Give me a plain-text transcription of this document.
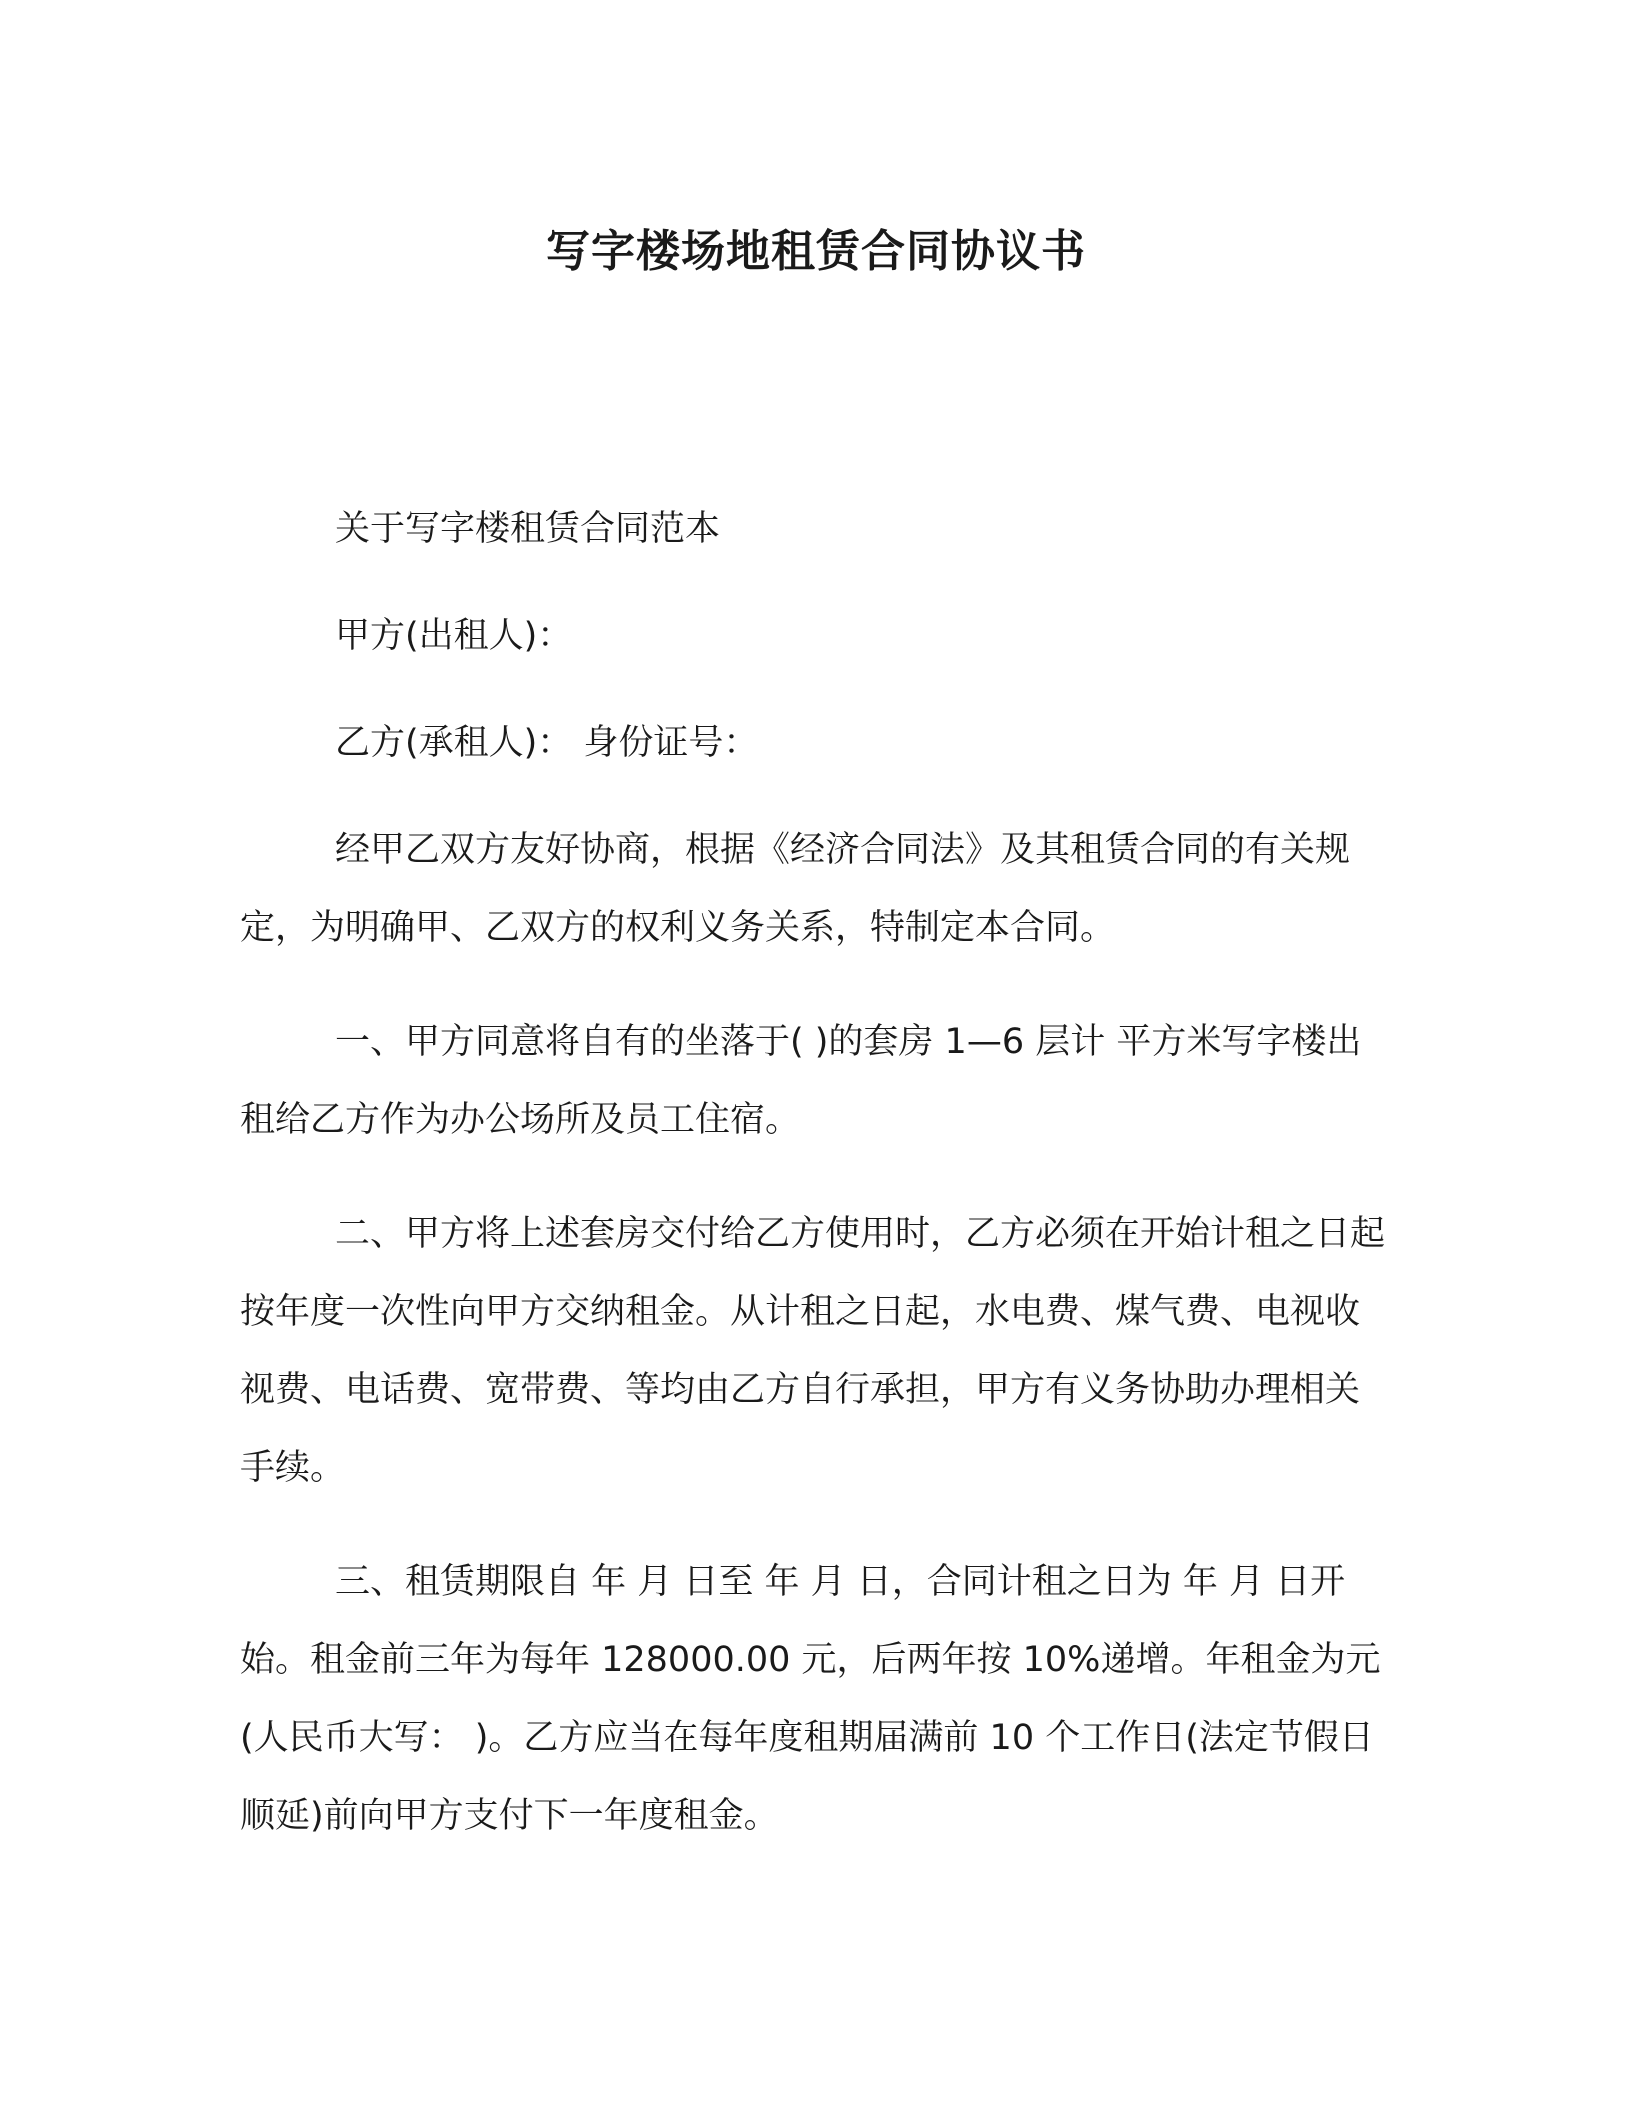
写字楼场地租赁合同协议书

关于写字楼租赁合同范本

甲方(出租人)：

乙方(承租人)： 身份证号：

经甲乙双方友好协商，根据《经济合同法》及其租赁合同的有关规定，为明确甲、乙双方的权利义务关系，特制定本合同。

一、甲方同意将自有的坐落于( )的套房 1—6 层计 平方米写字楼出租给乙方作为办公场所及员工住宿。

二、甲方将上述套房交付给乙方使用时，乙方必须在开始计租之日起按年度一次性向甲方交纳租金。从计租之日起，水电费、煤气费、电视收视费、电话费、宽带费、等均由乙方自行承担，甲方有义务协助办理相关手续。

三、租赁期限自 年 月 日至 年 月 日，合同计租之日为 年 月 日开始。租金前三年为每年 128000.00 元，后两年按 10%递增。年租金为元(人民币大写： )。乙方应当在每年度租期届满前 10 个工作日(法定节假日顺延)前向甲方支付下一年度租金。
